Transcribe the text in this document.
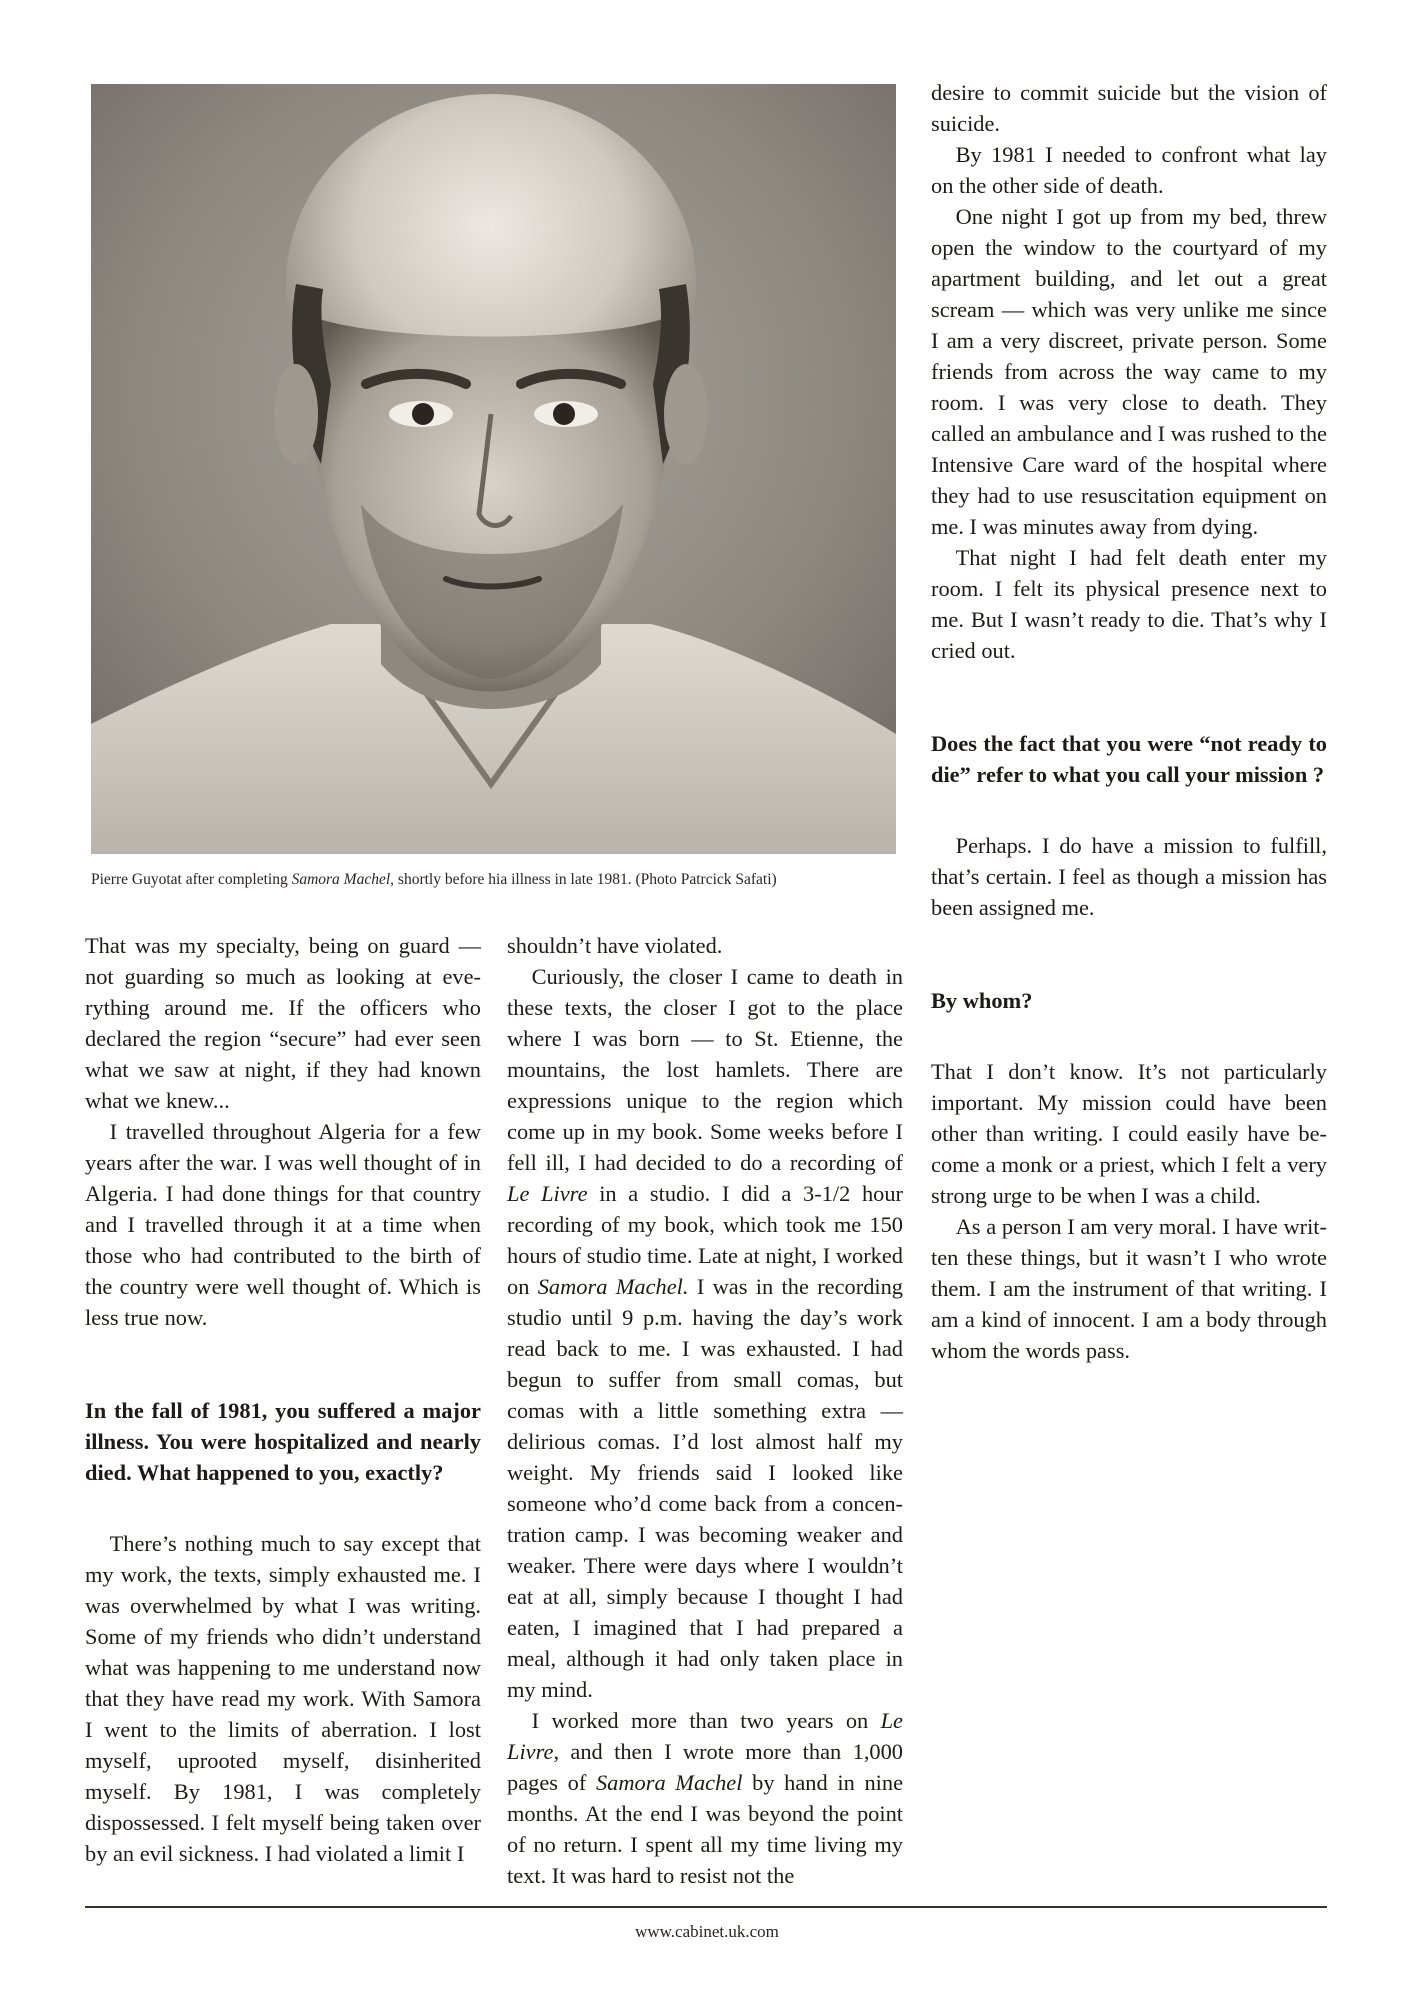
Pierre Guyotat after completing Samora Machel, shortly before hia illness in late 1981. (Photo Patrcick Safati)

That was my specialty, being on guard — not guarding so much as looking at everything around me. If the officers who declared the region “secure” had ever seen what we saw at night, if they had known what we knew...

I travelled throughout Algeria for a few years after the war. I was well thought of in Algeria. I had done things for that country and I travelled through it at a time when those who had contributed to the birth of the country were well thought of. Which is less true now.

In the fall of 1981, you suffered a major illness. You were hospitalized and nearly died. What happened to you, exactly?

There’s nothing much to say except that my work, the texts, simply exhausted me. I was overwhelmed by what I was writing. Some of my friends who didn’t understand what was happening to me understand now that they have read my work. With Samora I went to the limits of aberration. I lost myself, uprooted myself, disinherited myself. By 1981, I was completely dispossessed. I felt myself being taken over by an evil sickness. I had violated a limit I

shouldn’t have violated.

Curiously, the closer I came to death in these texts, the closer I got to the place where I was born — to St. Etienne, the mountains, the lost hamlets. There are expressions unique to the region which come up in my book. Some weeks before I fell ill, I had decided to do a recording of Le Livre in a studio. I did a 3-1/2 hour recording of my book, which took me 150 hours of studio time. Late at night, I worked on Samora Machel. I was in the recording studio until 9 p.m. having the day’s work read back to me. I was exhausted. I had begun to suffer from small comas, but comas with a little something extra — delirious comas. I’d lost almost half my weight. My friends said I looked like someone who’d come back from a concentration camp. I was becoming weaker and weaker. There were days where I wouldn’t eat at all, simply because I thought I had eaten, I imagined that I had prepared a meal, although it had only taken place in my mind.

I worked more than two years on Le Livre, and then I wrote more than 1,000 pages of Samora Machel by hand in nine months. At the end I was beyond the point of no return. I spent all my time living my text. It was hard to resist not the

desire to commit suicide but the vision of suicide.

By 1981 I needed to confront what lay on the other side of death.

One night I got up from my bed, threw open the window to the courtyard of my apartment building, and let out a great scream — which was very unlike me since I am a very discreet, private person. Some friends from across the way came to my room. I was very close to death. They called an ambulance and I was rushed to the Intensive Care ward of the hospital where they had to use resuscitation equipment on me. I was minutes away from dying.

That night I had felt death enter my room. I felt its physical presence next to me. But I wasn’t ready to die. That’s why I cried out.

Does the fact that you were “not ready to die” refer to what you call your mission ?

Perhaps. I do have a mission to fulfill, that’s certain. I feel as though a mission has been assigned me.

By whom?

That I don’t know. It’s not particularly important. My mission could have been other than writing. I could easily have become a monk or a priest, which I felt a very strong urge to be when I was a child.

As a person I am very moral. I have written these things, but it wasn’t I who wrote them. I am the instrument of that writing. I am a kind of innocent. I am a body through whom the words pass.

www.cabinet.uk.com
